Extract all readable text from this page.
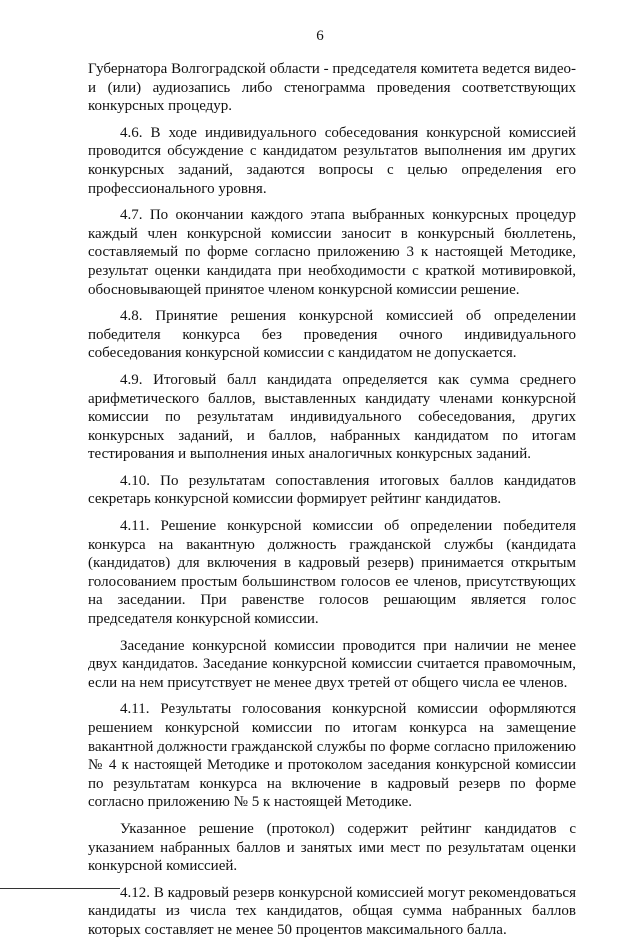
6

Губернатора Волгоградской области - председателя комитета ведется видео- и (или) аудиозапись либо стенограмма проведения соответствующих конкурсных процедур.

4.6. В ходе индивидуального собеседования конкурсной комиссией проводится обсуждение с кандидатом результатов выполнения им других конкурсных заданий, задаются вопросы с целью определения его профессионального уровня.

4.7. По окончании каждого этапа выбранных конкурсных процедур каждый член конкурсной комиссии заносит в конкурсный бюллетень, составляемый по форме согласно приложению 3 к настоящей Методике, результат оценки кандидата при необходимости с краткой мотивировкой, обосновывающей принятое членом конкурсной комиссии решение.

4.8. Принятие решения конкурсной комиссией об определении победителя конкурса без проведения очного индивидуального собеседования конкурсной комиссии с кандидатом не допускается.

4.9. Итоговый балл кандидата определяется как сумма среднего арифметического баллов, выставленных кандидату членами конкурсной комиссии по результатам индивидуального собеседования, других конкурсных заданий, и баллов, набранных кандидатом по итогам тестирования и выполнения иных аналогичных конкурсных заданий.

4.10. По результатам сопоставления итоговых баллов кандидатов секретарь конкурсной комиссии формирует рейтинг кандидатов.

4.11. Решение конкурсной комиссии об определении победителя конкурса на вакантную должность гражданской службы (кандидата (кандидатов) для включения в кадровый резерв) принимается открытым голосованием простым большинством голосов ее членов, присутствующих на заседании. При равенстве голосов решающим является голос председателя конкурсной комиссии.

Заседание конкурсной комиссии проводится при наличии не менее двух кандидатов. Заседание конкурсной комиссии считается правомочным, если на нем присутствует не менее двух третей от общего числа ее членов.

4.11. Результаты голосования конкурсной комиссии оформляются решением конкурсной комиссии по итогам конкурса на замещение вакантной должности гражданской службы по форме согласно приложению № 4 к настоящей Методике и протоколом заседания конкурсной комиссии по результатам конкурса на включение в кадровый резерв по форме согласно приложению № 5 к настоящей Методике.

Указанное решение (протокол) содержит рейтинг кандидатов с указанием набранных баллов и занятых ими мест по результатам оценки конкурсной комиссией.

4.12. В кадровый резерв конкурсной комиссией могут рекомендоваться кандидаты из числа тех кандидатов, общая сумма набранных баллов которых составляет не менее 50 процентов максимального балла.
